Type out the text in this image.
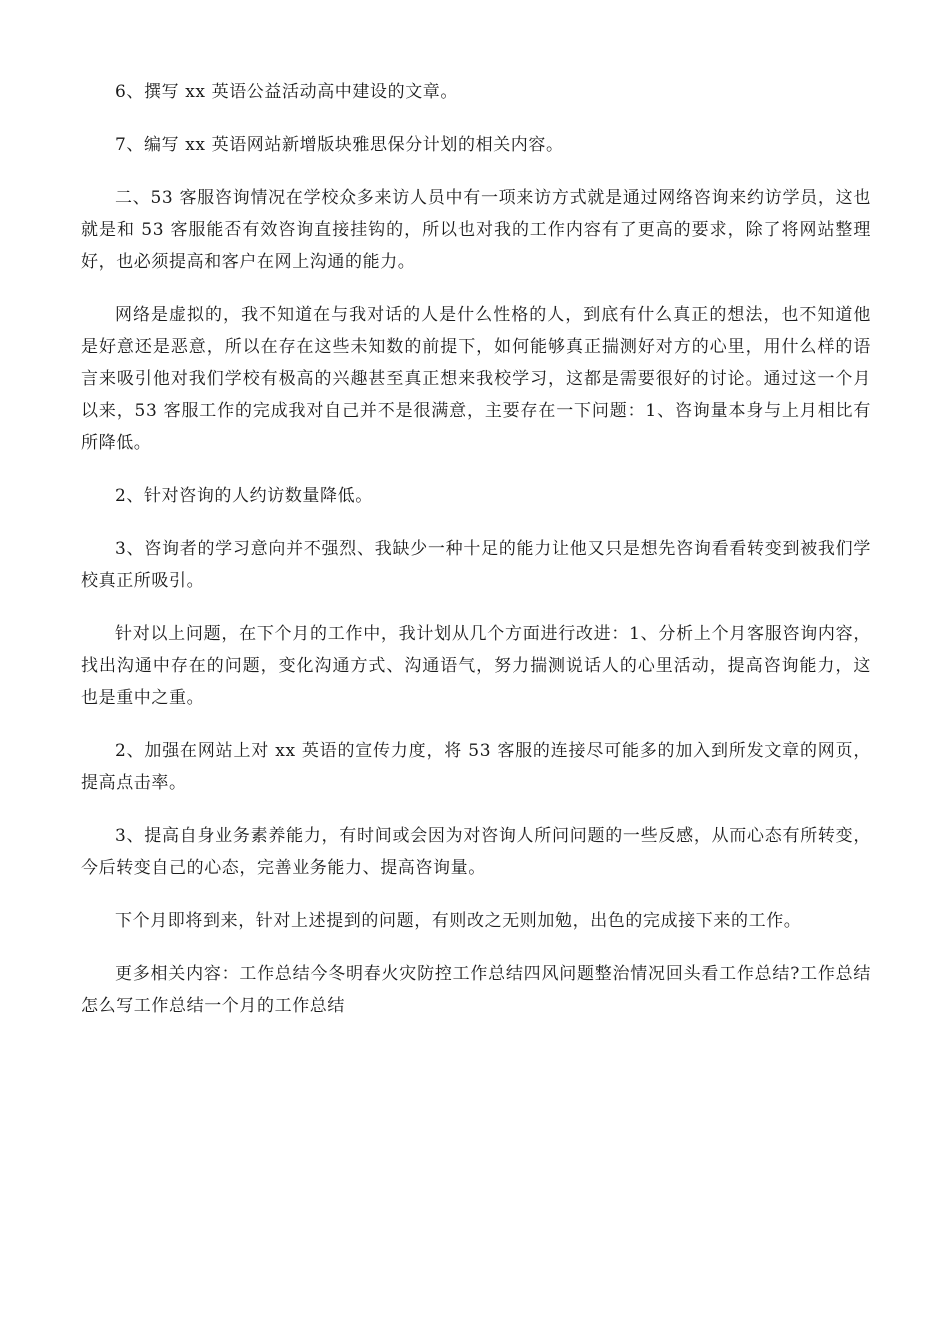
6、撰写 xx 英语公益活动高中建设的文章。

7、编写 xx 英语网站新增版块雅思保分计划的相关内容。

二、53 客服咨询情况在学校众多来访人员中有一项来访方式就是通过网络咨询来约访学员，这也就是和 53 客服能否有效咨询直接挂钩的，所以也对我的工作内容有了更高的要求，除了将网站整理好，也必须提高和客户在网上沟通的能力。

网络是虚拟的，我不知道在与我对话的人是什么性格的人，到底有什么真正的想法，也不知道他是好意还是恶意，所以在存在这些未知数的前提下，如何能够真正揣测好对方的心里，用什么样的语言来吸引他对我们学校有极高的兴趣甚至真正想来我校学习，这都是需要很好的讨论。通过这一个月以来，53 客服工作的完成我对自己并不是很满意，主要存在一下问题：1、咨询量本身与上月相比有所降低。

2、针对咨询的人约访数量降低。

3、咨询者的学习意向并不强烈、我缺少一种十足的能力让他又只是想先咨询看看转变到被我们学校真正所吸引。

针对以上问题，在下个月的工作中，我计划从几个方面进行改进：1、分析上个月客服咨询内容，找出沟通中存在的问题，变化沟通方式、沟通语气，努力揣测说话人的心里活动，提高咨询能力，这也是重中之重。

2、加强在网站上对 xx 英语的宣传力度，将 53 客服的连接尽可能多的加入到所发文章的网页，提高点击率。

3、提高自身业务素养能力，有时间或会因为对咨询人所问问题的一些反感，从而心态有所转变，今后转变自己的心态，完善业务能力、提高咨询量。

下个月即将到来，针对上述提到的问题，有则改之无则加勉，出色的完成接下来的工作。

更多相关内容：工作总结今冬明春火灾防控工作总结四风问题整治情况回头看工作总结?工作总结怎么写工作总结一个月的工作总结
